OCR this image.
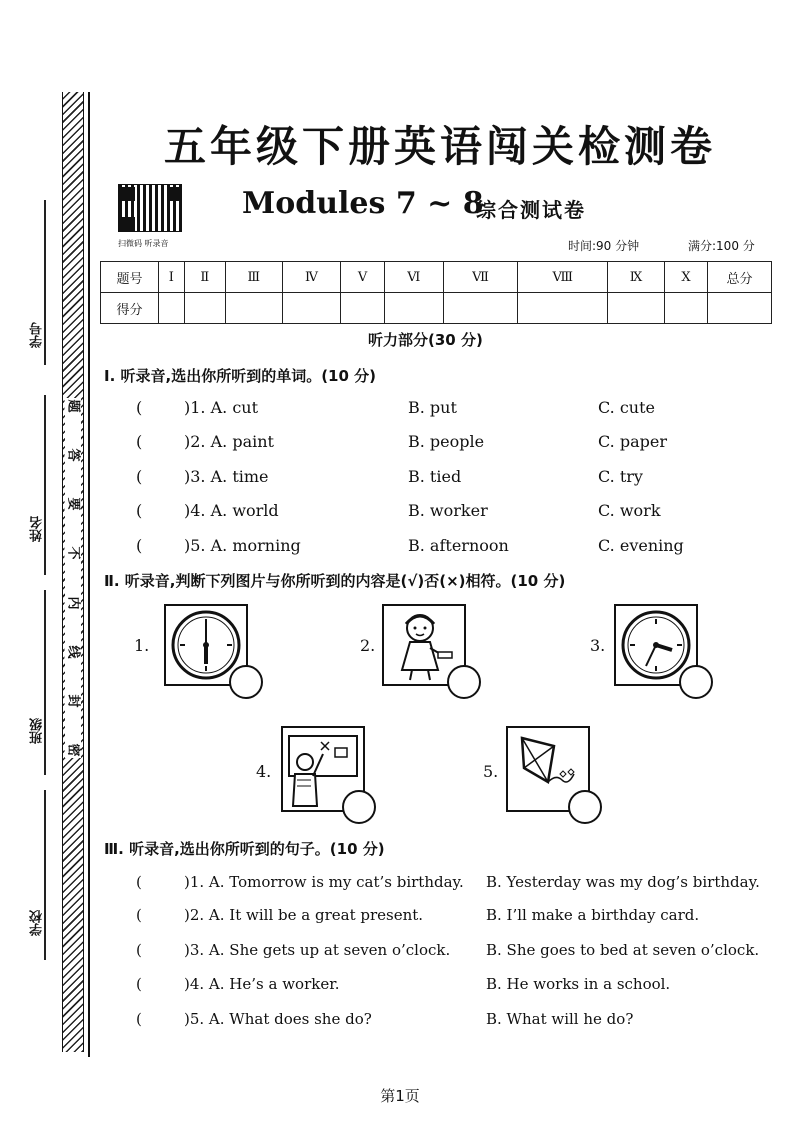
学号
姓名
班级
学校
题
答
要
不
内
线
封
密
五年级下册英语闯关检测卷
扫微码 听录音
Modules 7 ~ 8
综合测试卷
时间:90 分钟	满分:100 分
题号	Ⅰ	Ⅱ	Ⅲ	Ⅳ	Ⅴ	Ⅵ	Ⅶ	Ⅷ	Ⅸ	Ⅹ	总分
得分											
听力部分(30 分)
Ⅰ. 听录音,选出你所听到的单词。(10 分)
(	)1. A. cut	B. put	C. cute
(	)2. A. paint	B. people	C. paper
(	)3. A. time	B. tied	C. try
(	)4. A. world	B. worker	C. work
(	)5. A. morning	B. afternoon	C. evening
Ⅱ. 听录音,判断下列图片与你所听到的内容是(√)否(×)相符。(10 分)
1.	2.	3.
4.	5.
Ⅲ. 听录音,选出你所听到的句子。(10 分)
(	)1. A. Tomorrow is my cat’s birthday. B. Yesterday was my dog’s birthday.
(	)2. A. It will be a great present.	B. I’ll make a birthday card.
(	)3. A. She gets up at seven o’clock. B. She goes to bed at seven o’clock.
(	)4. A. He’s a worker.	B. He works in a school.
(	)5. A. What does she do?	B. What will he do?
第1页
